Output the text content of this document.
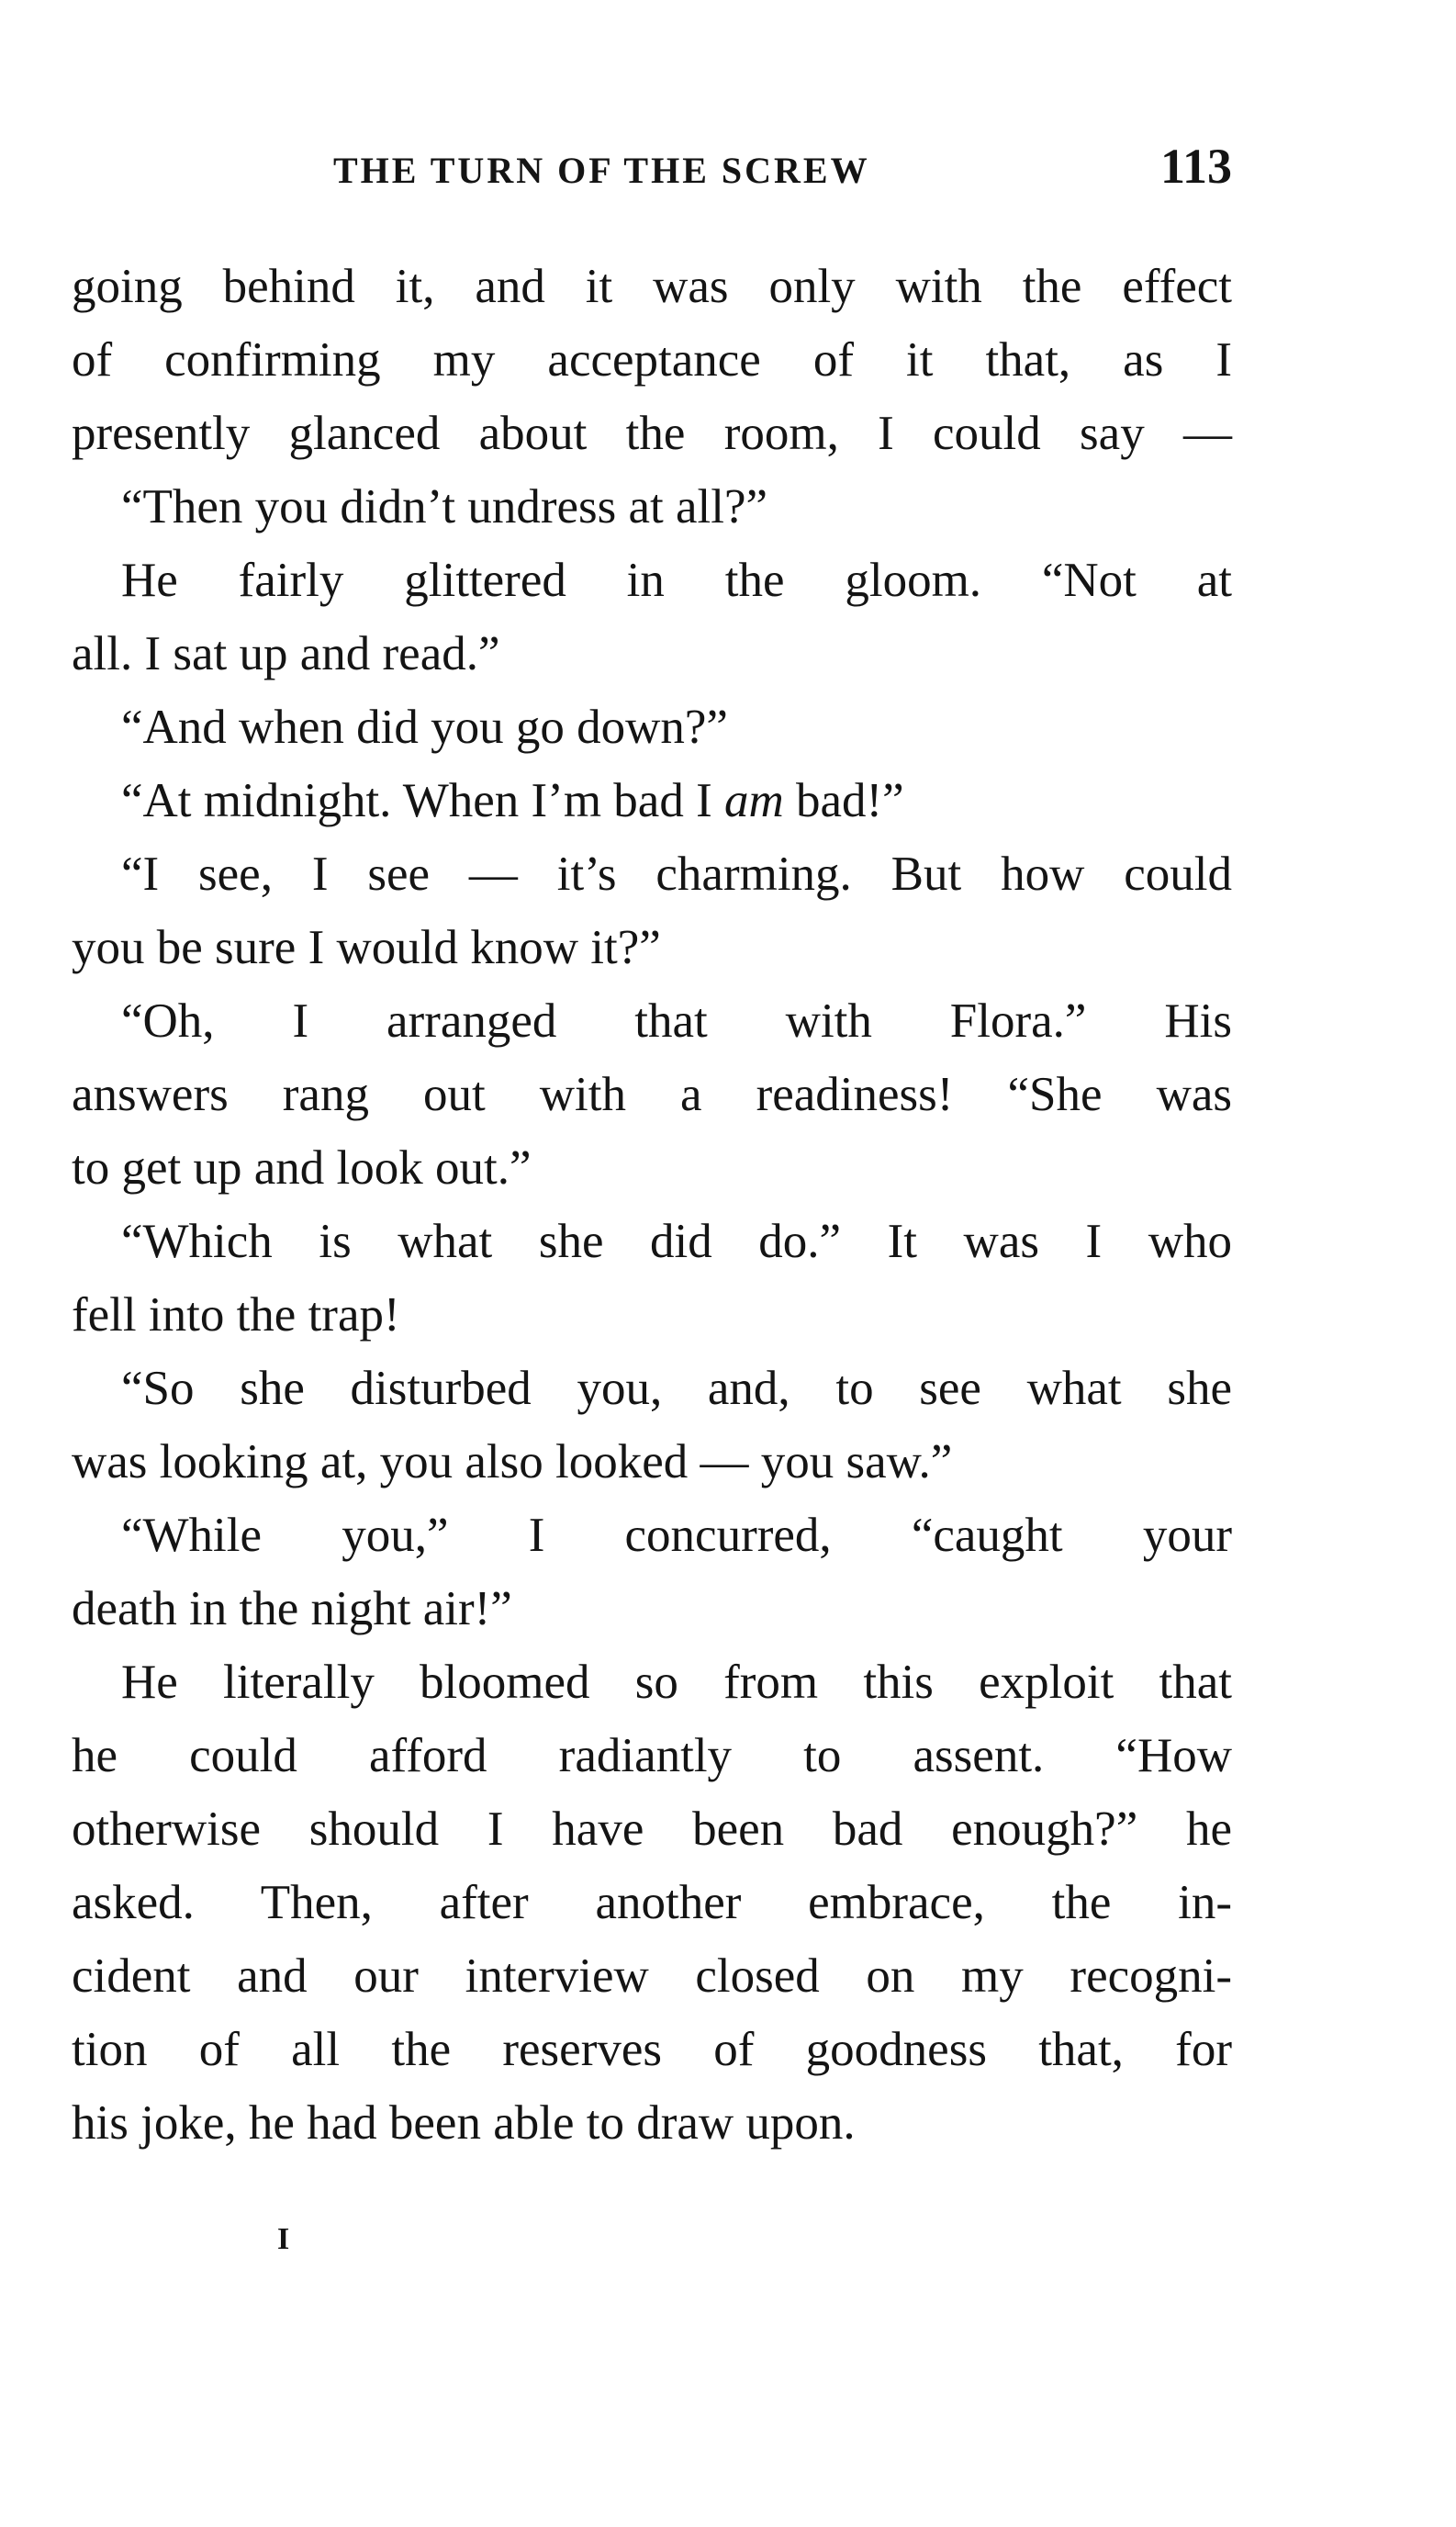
THE TURN OF THE SCREW	113
going behind it, and it was only with the effect
of confirming my acceptance of it that, as I
presently glanced about the room, I could say —
“Then you didn’t undress at all?”
He fairly glittered in the gloom. “Not at
all. I sat up and read.”
“And when did you go down?”
“At midnight. When I’m bad I am bad!”
“I see, I see — it’s charming. But how could
you be sure I would know it?”
“Oh, I arranged that with Flora.” His
answers rang out with a readiness! “She was
to get up and look out.”
“Which is what she did do.” It was I who
fell into the trap!
“So she disturbed you, and, to see what she
was looking at, you also looked — you saw.”
“While you,” I concurred, “caught your
death in the night air!”
He literally bloomed so from this exploit that
he could afford radiantly to assent. “How
otherwise should I have been bad enough?” he
asked. Then, after another embrace, the in-
cident and our interview closed on my recogni-
tion of all the reserves of goodness that, for
his joke, he had been able to draw upon.
I
